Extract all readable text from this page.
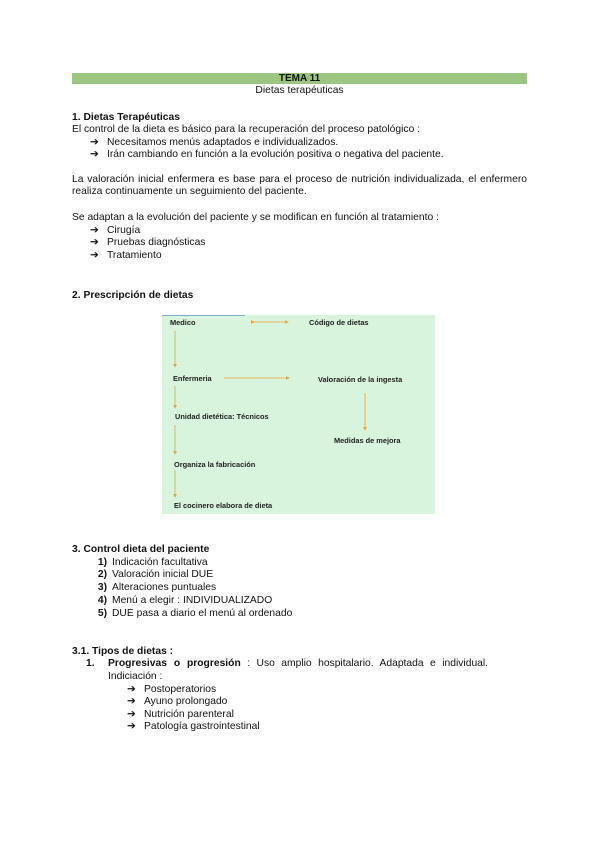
TEMA 11
Dietas terapéuticas
1. Dietas Terapéuticas
El control de la dieta es básico para la recuperación del proceso patológico :
➔ Necesitamos menús adaptados e individualizados.
➔ Irán cambiando en función a la evolución positiva o negativa del paciente.
La valoración inicial enfermera es base para el proceso de nutrición individualizada, el enfermero realiza continuamente un seguimiento del paciente.
Se adaptan a la evolución del paciente y se modifican en función al tratamiento :
➔ Cirugía
➔ Pruebas diagnósticas
➔ Tratamiento
2. Prescripción de dietas
Medico	Código de dietas
Enfermeria	Valoración de la ingesta
Unidad dietética: Técnicos
Medidas de mejora
Organiza la fabricación
El cocinero elabora de dieta
3. Control dieta del paciente
1) Indicación facultativa
2) Valoración inicial DUE
3) Alteraciones puntuales
4) Menú a elegir : INDIVIDUALIZADO
5) DUE pasa a diario el menú al ordenado
3.1. Tipos de dietas :
1. Progresivas o progresión : Uso amplio hospitalario. Adaptada e individual.
Indiciación :
➔ Postoperatorios
➔ Ayuno prolongado
➔ Nutrición parenteral
➔ Patología gastrointestinal
